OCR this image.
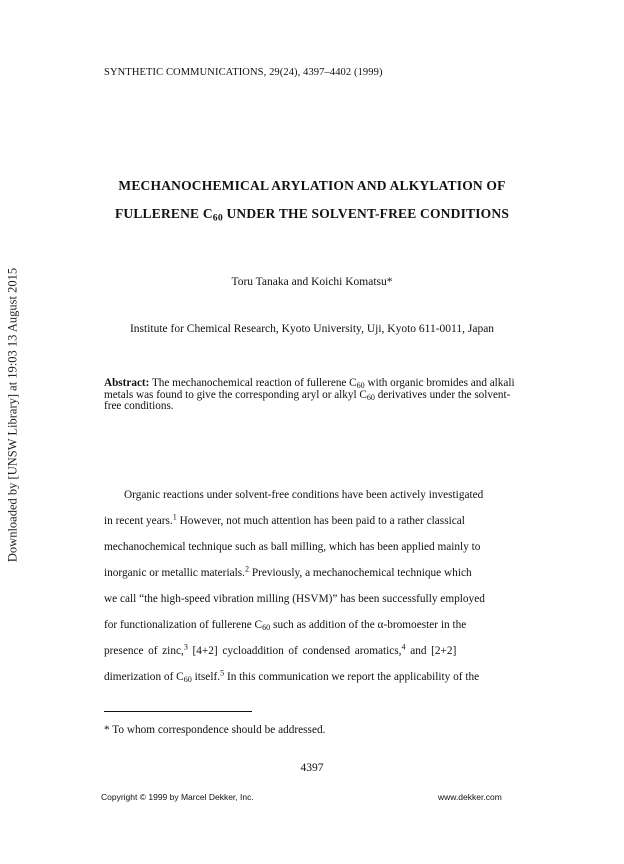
Downloaded by [UNSW Library] at 19:03 13 August 2015
SYNTHETIC COMMUNICATIONS, 29(24), 4397–4402 (1999)
MECHANOCHEMICAL ARYLATION AND ALKYLATION OF
FULLERENE $C_{60}$ UNDER THE SOLVENT-FREE CONDITIONS
Toru Tanaka and Koichi Komatsu*
Institute for Chemical Research, Kyoto University, Uji, Kyoto 611-0011, Japan
Abstract: The mechanochemical reaction of fullerene $C_{60}$ with organic bromides and alkali metals was found to give the corresponding aryl or alkyl $C_{60}$ derivatives under the solvent-free conditions.
Organic reactions under solvent-free conditions have been actively investigated
in recent years.$^1$ However, not much attention has been paid to a rather classical
mechanochemical technique such as ball milling, which has been applied mainly to
inorganic or metallic materials.$^2$ Previously, a mechanochemical technique which
we call “the high-speed vibration milling (HSVM)” has been successfully employed
for functionalization of fullerene $C_{60}$ such as addition of the α-bromoester in the
presence of zinc,$^3$ [4+2] cycloaddition of condensed aromatics,$^4$ and [2+2]
dimerization of $C_{60}$ itself.$^5$ In this communication we report the applicability of the
* To whom correspondence should be addressed.
4397
Copyright © 1999 by Marcel Dekker, Inc.	www.dekker.com
